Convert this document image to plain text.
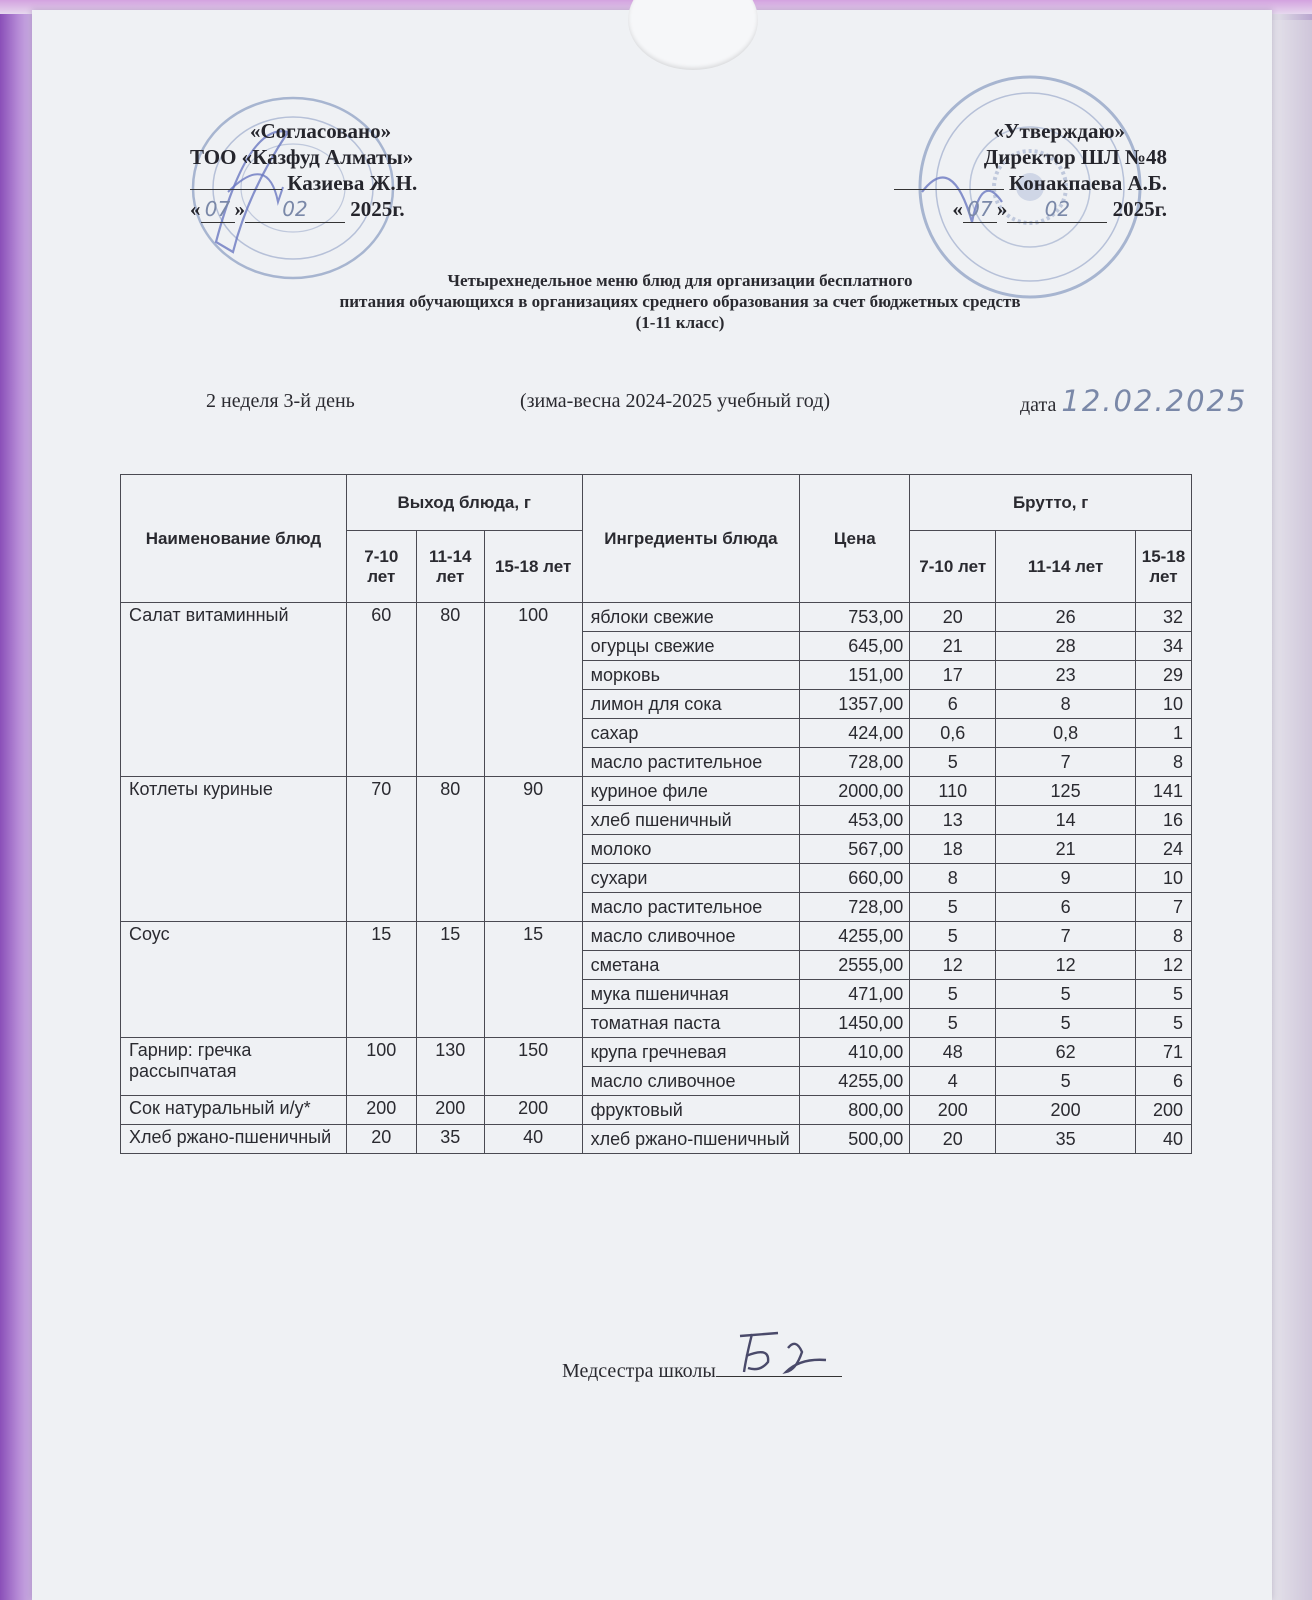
«Согласовано»
ТОО «Казфуд Алматы»
Казиева Ж.Н.
« 07 » 02 2025г.
«Утверждаю»
Директор ШЛ №48
Конакпаева А.Б.
« 07 » 02 2025г.
Четырехнедельное меню блюд для организации бесплатного
питания обучающихся в организациях среднего образования за счет бюджетных средств
(1-11 класс)
2 неделя 3-й день	(зима-весна 2024-2025 учебный год)	дата 12.02.2025
Наименование блюд	Выход блюда, г			Ингредиенты блюда	Цена	Брутто, г		
	7-10 лет	11-14 лет	15-18 лет			7-10 лет	11-14 лет	15-18 лет
Салат витаминный	60	80	100	яблоки свежие	753,00	20	26	32
				огурцы свежие	645,00	21	28	34
				морковь	151,00	17	23	29
				лимон для сока	1357,00	6	8	10
				сахар	424,00	0,6	0,8	1
				масло растительное	728,00	5	7	8
Котлеты куриные	70	80	90	куриное филе	2000,00	110	125	141
				хлеб пшеничный	453,00	13	14	16
				молоко	567,00	18	21	24
				сухари	660,00	8	9	10
				масло растительное	728,00	5	6	7
Соус	15	15	15	масло сливочное	4255,00	5	7	8
				сметана	2555,00	12	12	12
				мука пшеничная	471,00	5	5	5
				томатная паста	1450,00	5	5	5
Гарнир: гречка рассыпчатая	100	130	150	крупа гречневая	410,00	48	62	71
				масло сливочное	4255,00	4	5	6
Сок натуральный и/у*	200	200	200	фруктовый	800,00	200	200	200
Хлеб ржано-пшеничный	20	35	40	хлеб ржано-пшеничный	500,00	20	35	40
Медсестра школы
